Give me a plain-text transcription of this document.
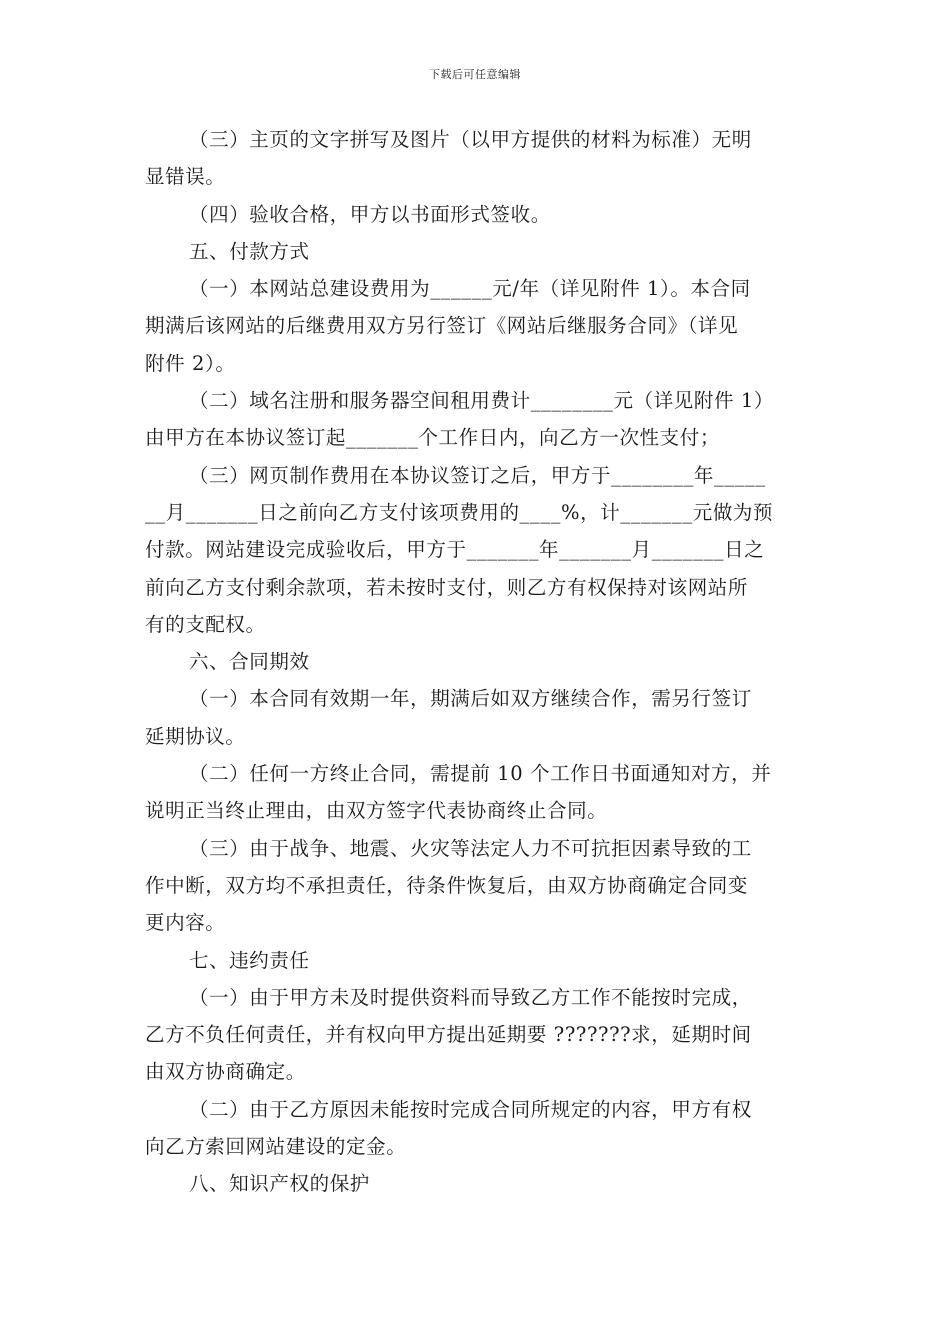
下载后可任意编辑
（三）主页的文字拼写及图片（以甲方提供的材料为标准）无明
显错误。
（四）验收合格，甲方以书面形式签收。
五、付款方式
（一）本网站总建设费用为______元/年（详见附件 1）。本合同
期满后该网站的后继费用双方另行签订《网站后继服务合同》（详见
附件 2）。
（二）域名注册和服务器空间租用费计________元（详见附件 1）
由甲方在本协议签订起_______个工作日内，向乙方一次性支付；
（三）网页制作费用在本协议签订之后，甲方于________年_____
__月_______日之前向乙方支付该项费用的____%，计_______元做为预
付款。网站建设完成验收后，甲方于_______年_______月_______日之
前向乙方支付剩余款项，若未按时支付，则乙方有权保持对该网站所
有的支配权。
六、合同期效
（一）本合同有效期一年，期满后如双方继续合作，需另行签订
延期协议。
（二）任何一方终止合同，需提前 10 个工作日书面通知对方，并
说明正当终止理由，由双方签字代表协商终止合同。
（三）由于战争、地震、火灾等法定人力不可抗拒因素导致的工
作中断，双方均不承担责任，待条件恢复后，由双方协商确定合同变
更内容。
七、违约责任
（一）由于甲方未及时提供资料而导致乙方工作不能按时完成，
乙方不负任何责任，并有权向甲方提出延期要 ???????求，延期时间
由双方协商确定。
（二）由于乙方原因未能按时完成合同所规定的内容，甲方有权
向乙方索回网站建设的定金。
八、知识产权的保护
